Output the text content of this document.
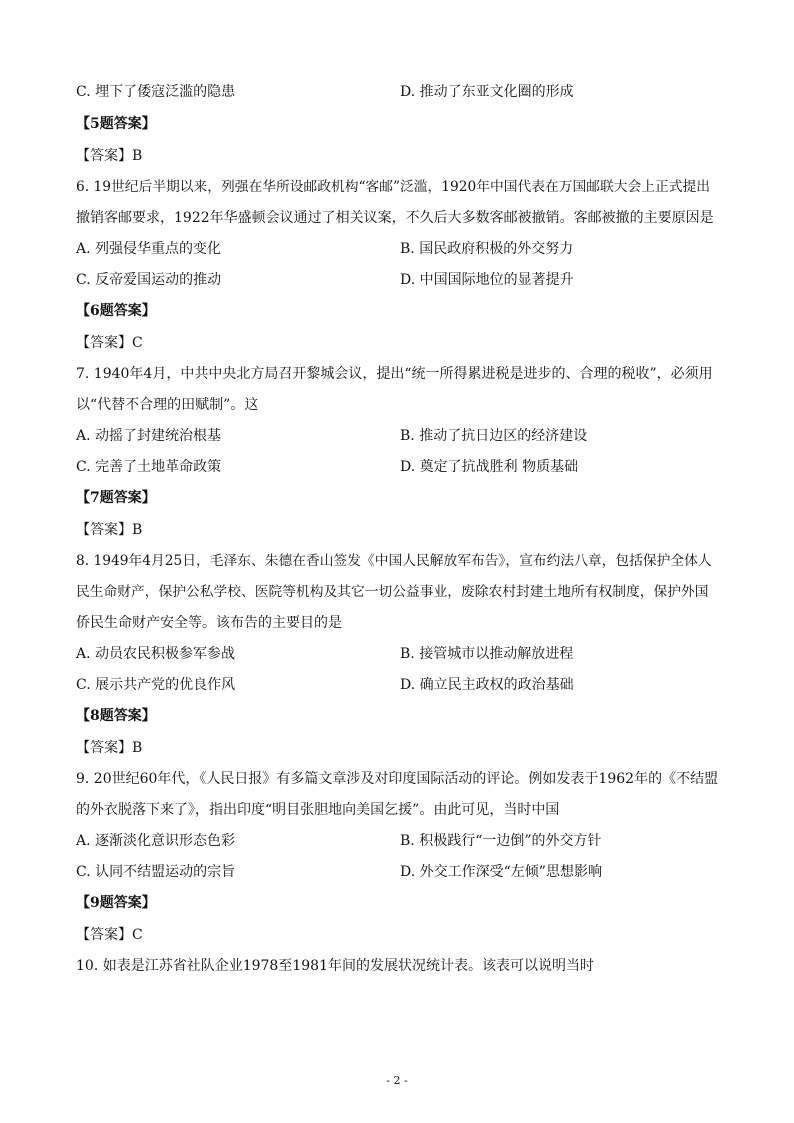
C. 埋下了倭寇泛滥的隐患	D. 推动了东亚文化圈的形成
【5题答案】
【答案】B
6. 19世纪后半期以来，列强在华所设邮政机构“客邮”泛滥，1920年中国代表在万国邮联大会上正式提出
撤销客邮要求，1922年华盛顿会议通过了相关议案，不久后大多数客邮被撤销。客邮被撤的主要原因是
A. 列强侵华重点的变化	B. 国民政府积极的外交努力
C. 反帝爱国运动的推动	D. 中国国际地位的显著提升
【6题答案】
【答案】C
7. 1940年4月，中共中央北方局召开黎城会议，提出“统一所得累进税是进步的、合理的税收”，必须用
以“代替不合理的田赋制”。这
A. 动摇了封建统治根基	B. 推动了抗日边区的经济建设
C. 完善了土地革命政策	D. 奠定了抗战胜利 物质基础
【7题答案】
【答案】B
8. 1949年4月25日，毛泽东、朱德在香山签发《中国人民解放军布告》，宣布约法八章，包括保护全体人
民生命财产，保护公私学校、医院等机构及其它一切公益事业，废除农村封建土地所有权制度，保护外国
侨民生命财产安全等。该布告的主要目的是
A. 动员农民积极参军参战	B. 接管城市以推动解放进程
C. 展示共产党的优良作风	D. 确立民主政权的政治基础
【8题答案】
【答案】B
9. 20世纪60年代，《人民日报》有多篇文章涉及对印度国际活动的评论。例如发表于1962年的《不结盟
的外衣脱落下来了》，指出印度“明目张胆地向美国乞援”。由此可见，当时中国
A. 逐渐淡化意识形态色彩	B. 积极践行“一边倒”的外交方针
C. 认同不结盟运动的宗旨	D. 外交工作深受“左倾”思想影响
【9题答案】
【答案】C
10. 如表是江苏省社队企业1978至1981年间的发展状况统计表。该表可以说明当时
- 2 -
